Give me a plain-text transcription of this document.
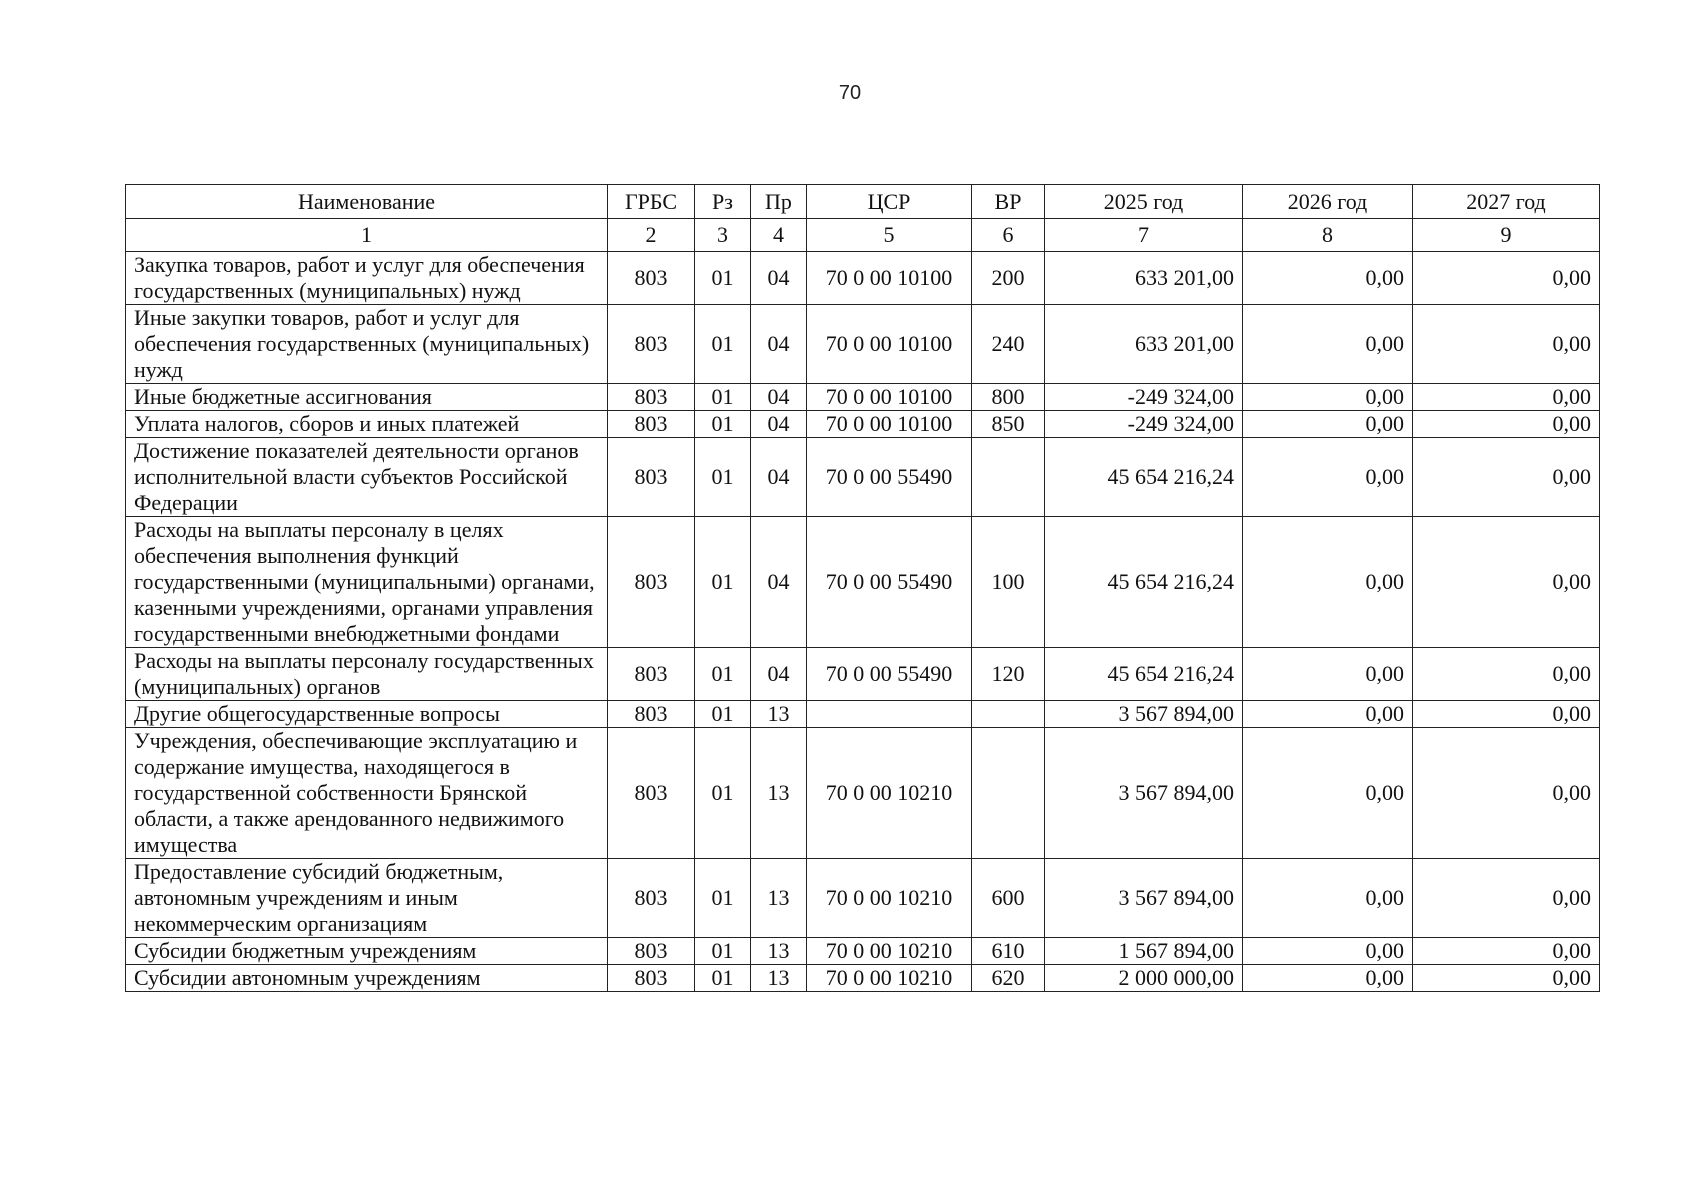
70
Наименование	ГРБС	Рз	Пр	ЦСР	ВР	2025 год	2026 год	2027 год
1	2	3	4	5	6	7	8	9
Закупка товаров, работ и услуг для обеспечения государственных (муниципальных) нужд	803	01	04	70 0 00 10100	200	633 201,00	0,00	0,00
Иные закупки товаров, работ и услуг для обеспечения государственных (муниципальных) нужд	803	01	04	70 0 00 10100	240	633 201,00	0,00	0,00
Иные бюджетные ассигнования	803	01	04	70 0 00 10100	800	-249 324,00	0,00	0,00
Уплата налогов, сборов и иных платежей	803	01	04	70 0 00 10100	850	-249 324,00	0,00	0,00
Достижение показателей деятельности органов исполнительной власти субъектов Российской Федерации	803	01	04	70 0 00 55490		45 654 216,24	0,00	0,00
Расходы на выплаты персоналу в целях обеспечения выполнения функций государственными (муниципальными) органами, казенными учреждениями, органами управления государственными внебюджетными фондами	803	01	04	70 0 00 55490	100	45 654 216,24	0,00	0,00
Расходы на выплаты персоналу государственных (муниципальных) органов	803	01	04	70 0 00 55490	120	45 654 216,24	0,00	0,00
Другие общегосударственные вопросы	803	01	13			3 567 894,00	0,00	0,00
Учреждения, обеспечивающие эксплуатацию и содержание имущества, находящегося в государственной собственности Брянской области, а также арендованного недвижимого имущества	803	01	13	70 0 00 10210		3 567 894,00	0,00	0,00
Предоставление субсидий бюджетным, автономным учреждениям и иным некоммерческим организациям	803	01	13	70 0 00 10210	600	3 567 894,00	0,00	0,00
Субсидии бюджетным учреждениям	803	01	13	70 0 00 10210	610	1 567 894,00	0,00	0,00
Субсидии автономным учреждениям	803	01	13	70 0 00 10210	620	2 000 000,00	0,00	0,00
